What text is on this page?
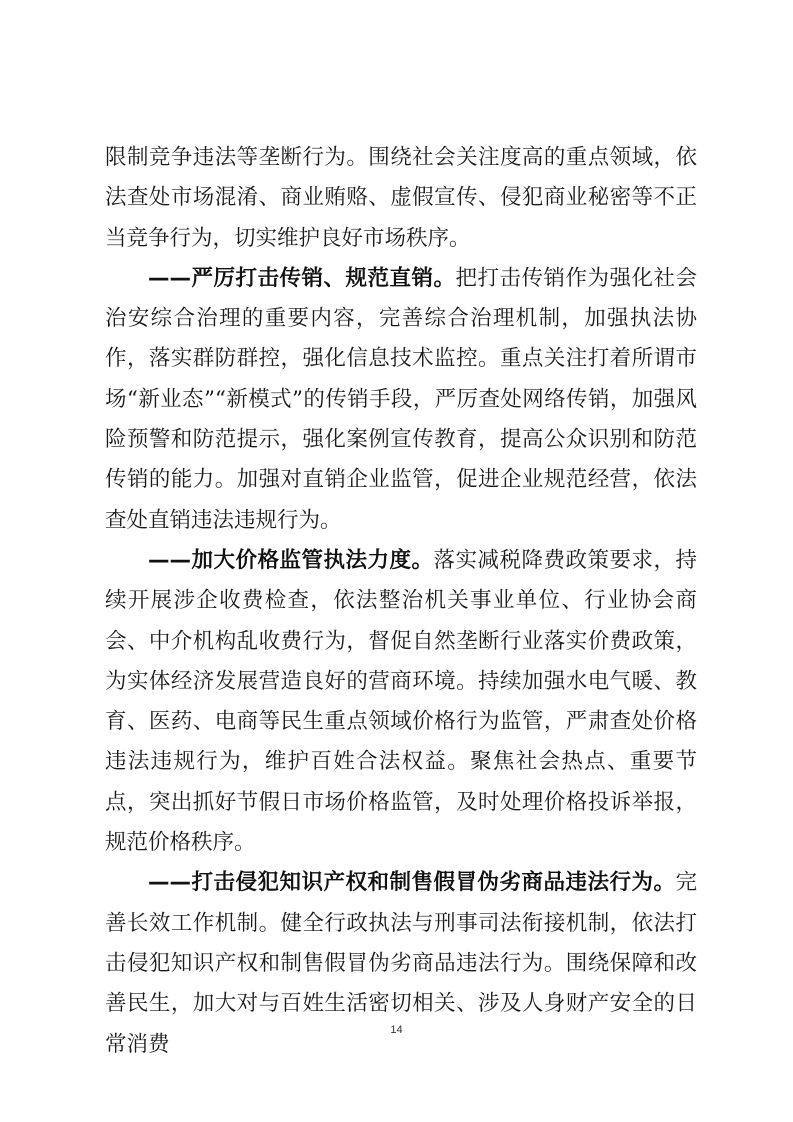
限制竞争违法等垄断行为。围绕社会关注度高的重点领域，依法查处市场混淆、商业贿赂、虚假宣传、侵犯商业秘密等不正当竞争行为，切实维护良好市场秩序。

——严厉打击传销、规范直销。把打击传销作为强化社会治安综合治理的重要内容，完善综合治理机制，加强执法协作，落实群防群控，强化信息技术监控。重点关注打着所谓市场“新业态”“新模式”的传销手段，严厉查处网络传销，加强风险预警和防范提示，强化案例宣传教育，提高公众识别和防范传销的能力。加强对直销企业监管，促进企业规范经营，依法查处直销违法违规行为。

——加大价格监管执法力度。落实减税降费政策要求，持续开展涉企收费检查，依法整治机关事业单位、行业协会商会、中介机构乱收费行为，督促自然垄断行业落实价费政策，为实体经济发展营造良好的营商环境。持续加强水电气暖、教育、医药、电商等民生重点领域价格行为监管，严肃查处价格违法违规行为，维护百姓合法权益。聚焦社会热点、重要节点，突出抓好节假日市场价格监管，及时处理价格投诉举报，规范价格秩序。

——打击侵犯知识产权和制售假冒伪劣商品违法行为。完善长效工作机制。健全行政执法与刑事司法衔接机制，依法打击侵犯知识产权和制售假冒伪劣商品违法行为。围绕保障和改善民生，加大对与百姓生活密切相关、涉及人身财产安全的日常消费

14
